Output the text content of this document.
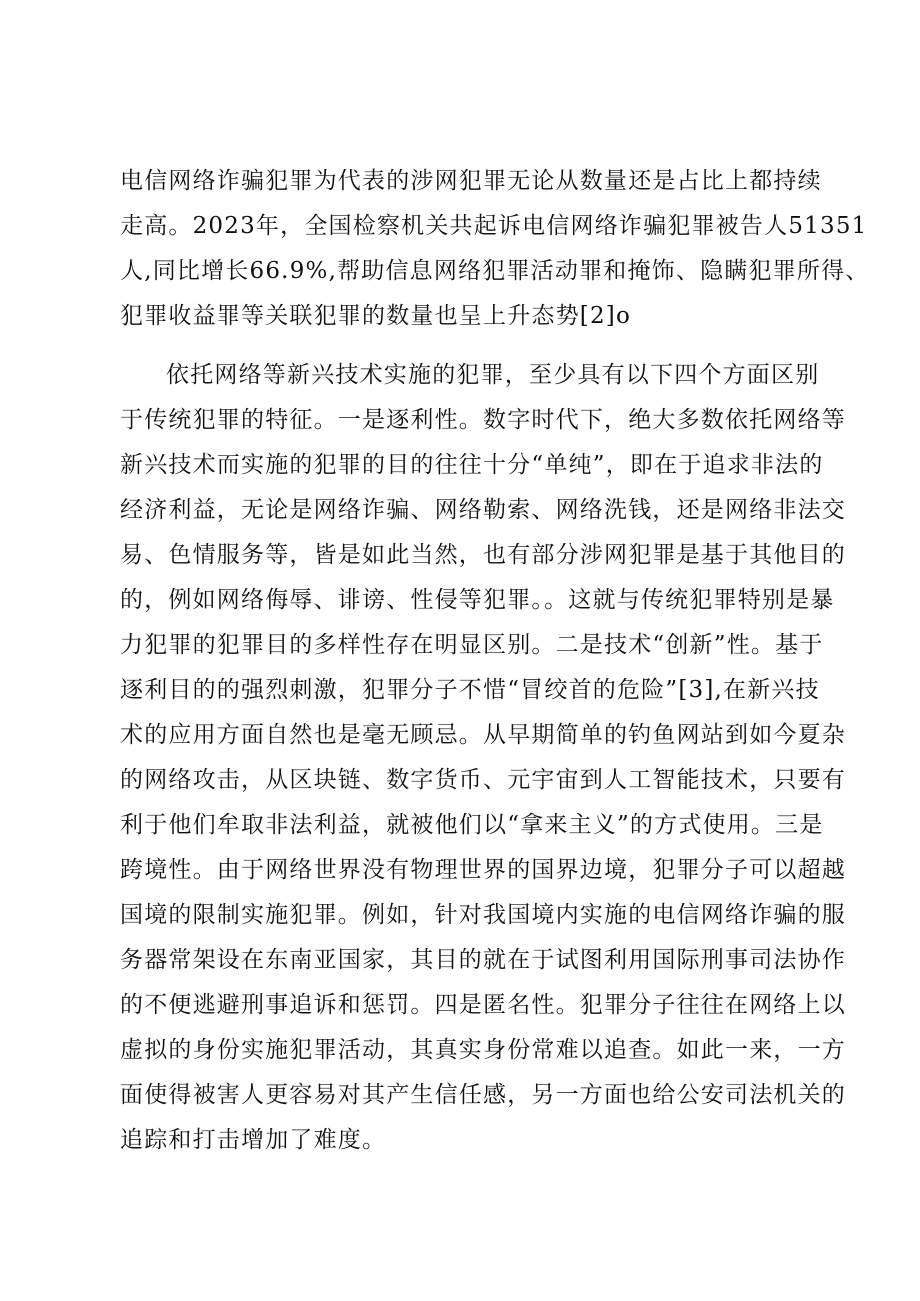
电信网络诈骗犯罪为代表的涉网犯罪无论从数量还是占比上都持续
走高。2023年，全国检察机关共起诉电信网络诈骗犯罪被告人51351
人,同比增长66.9%,帮助信息网络犯罪活动罪和掩饰、隐瞒犯罪所得、
犯罪收益罪等关联犯罪的数量也呈上升态势[2]o
依托网络等新兴技术实施的犯罪，至少具有以下四个方面区别
于传统犯罪的特征。一是逐利性。数字时代下，绝大多数依托网络等
新兴技术而实施的犯罪的目的往往十分“单纯”，即在于追求非法的
经济利益，无论是网络诈骗、网络勒索、网络洗钱，还是网络非法交
易、色情服务等，皆是如此当然，也有部分涉网犯罪是基于其他目的
的，例如网络侮辱、诽谤、性侵等犯罪。。这就与传统犯罪特别是暴
力犯罪的犯罪目的多样性存在明显区别。二是技术“创新”性。基于
逐利目的的强烈刺激，犯罪分子不惜“冒绞首的危险”[3],在新兴技
术的应用方面自然也是毫无顾忌。从早期简单的钓鱼网站到如今夏杂
的网络攻击，从区块链、数字货币、元宇宙到人工智能技术，只要有
利于他们牟取非法利益，就被他们以“拿来主义”的方式使用。三是
跨境性。由于网络世界没有物理世界的国界边境，犯罪分子可以超越
国境的限制实施犯罪。例如，针对我国境内实施的电信网络诈骗的服
务器常架设在东南亚国家，其目的就在于试图利用国际刑事司法协作
的不便逃避刑事追诉和惩罚。四是匿名性。犯罪分子往往在网络上以
虚拟的身份实施犯罪活动，其真实身份常难以追查。如此一来，一方
面使得被害人更容易对其产生信任感，另一方面也给公安司法机关的
追踪和打击增加了难度。
